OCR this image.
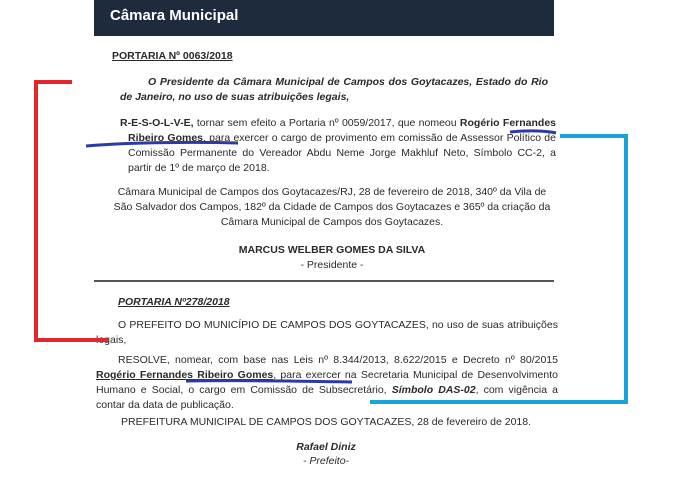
Câmara Municipal
PORTARIA Nº 0063/2018
O Presidente da Câmara Municipal de Campos dos Goytacazes, Estado do Rio de Janeiro, no uso de suas atribuições legais,
R-E-S-O-L-V-E, tornar sem efeito a Portaria nº 0059/2017, que nomeou Rogério Fernandes Ribeiro Gomes, para exercer o cargo de provimento em comissão de Assessor Político de Comissão Permanente do Vereador Abdu Neme Jorge Makhluf Neto, Símbolo CC-2, a partir de 1º de março de 2018.
Câmara Municipal de Campos dos Goytacazes/RJ, 28 de fevereiro de 2018, 340º da Vila de São Salvador dos Campos, 182º da Cidade de Campos dos Goytacazes e 365º da criação da Câmara Municipal de Campos dos Goytacazes.
MARCUS WELBER GOMES DA SILVA
- Presidente -
PORTARIA Nº278/2018
O PREFEITO DO MUNICÍPIO DE CAMPOS DOS GOYTACAZES, no uso de suas atribuições legais,
RESOLVE, nomear, com base nas Leis nº 8.344/2013, 8.622/2015 e Decreto nº 80/2015 Rogério Fernandes Ribeiro Gomes, para exercer na Secretaria Municipal de Desenvolvimento Humano e Social, o cargo em Comissão de Subsecretário, Símbolo DAS-02, com vigência a contar da data de publicação.
PREFEITURA MUNICIPAL DE CAMPOS DOS GOYTACAZES, 28 de fevereiro de 2018.
Rafael Diniz
- Prefeito-
